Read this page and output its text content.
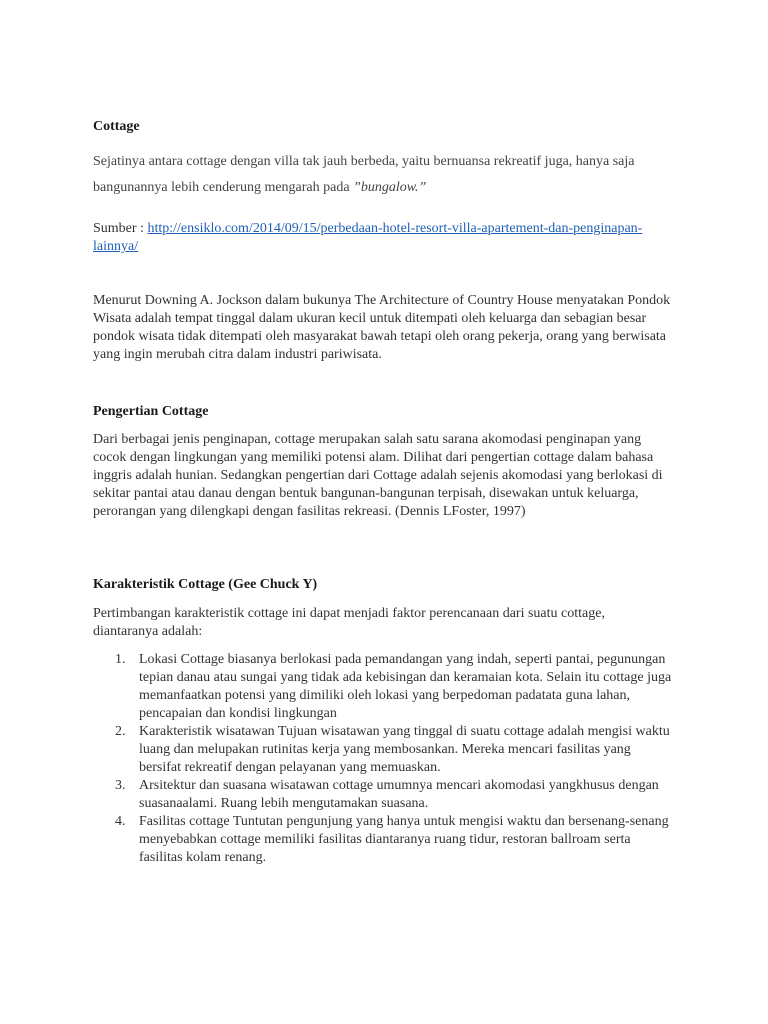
Cottage

Sejatinya antara cottage dengan villa tak jauh berbeda, yaitu bernuansa rekreatif juga, hanya saja bangunannya lebih cenderung mengarah pada ”bungalow.”

Sumber : http://ensiklo.com/2014/09/15/perbedaan-hotel-resort-villa-apartement-dan-penginapan-lainnya/

Menurut Downing A. Jockson dalam bukunya The Architecture of Country House menyatakan Pondok Wisata adalah tempat tinggal dalam ukuran kecil untuk ditempati oleh keluarga dan sebagian besar pondok wisata tidak ditempati oleh masyarakat bawah tetapi oleh orang pekerja, orang yang berwisata yang ingin merubah citra dalam industri pariwisata.

Pengertian Cottage

Dari berbagai jenis penginapan, cottage merupakan salah satu sarana akomodasi penginapan yang cocok dengan lingkungan yang memiliki potensi alam. Dilihat dari pengertian cottage dalam bahasa inggris adalah hunian. Sedangkan pengertian dari Cottage adalah sejenis akomodasi yang berlokasi di sekitar pantai atau danau dengan bentuk bangunan-bangunan terpisah, disewakan untuk keluarga, perorangan yang dilengkapi dengan fasilitas rekreasi. (Dennis LFoster, 1997)

Karakteristik Cottage (Gee Chuck Y)

Pertimbangan karakteristik cottage ini dapat menjadi faktor perencanaan dari suatu cottage, diantaranya adalah:

1. Lokasi Cottage biasanya berlokasi pada pemandangan yang indah, seperti pantai, pegunungan tepian danau atau sungai yang tidak ada kebisingan dan keramaian kota. Selain itu cottage juga memanfaatkan potensi yang dimiliki oleh lokasi yang berpedoman padatata guna lahan, pencapaian dan kondisi lingkungan
2. Karakteristik wisatawan Tujuan wisatawan yang tinggal di suatu cottage adalah mengisi waktu luang dan melupakan rutinitas kerja yang membosankan. Mereka mencari fasilitas yang bersifat rekreatif dengan pelayanan yang memuaskan.
3. Arsitektur dan suasana wisatawan cottage umumnya mencari akomodasi yangkhusus dengan suasanaalami. Ruang lebih mengutamakan suasana.
4. Fasilitas cottage Tuntutan pengunjung yang hanya untuk mengisi waktu dan bersenang-senang menyebabkan cottage memiliki fasilitas diantaranya ruang tidur, restoran ballroam serta fasilitas kolam renang.
